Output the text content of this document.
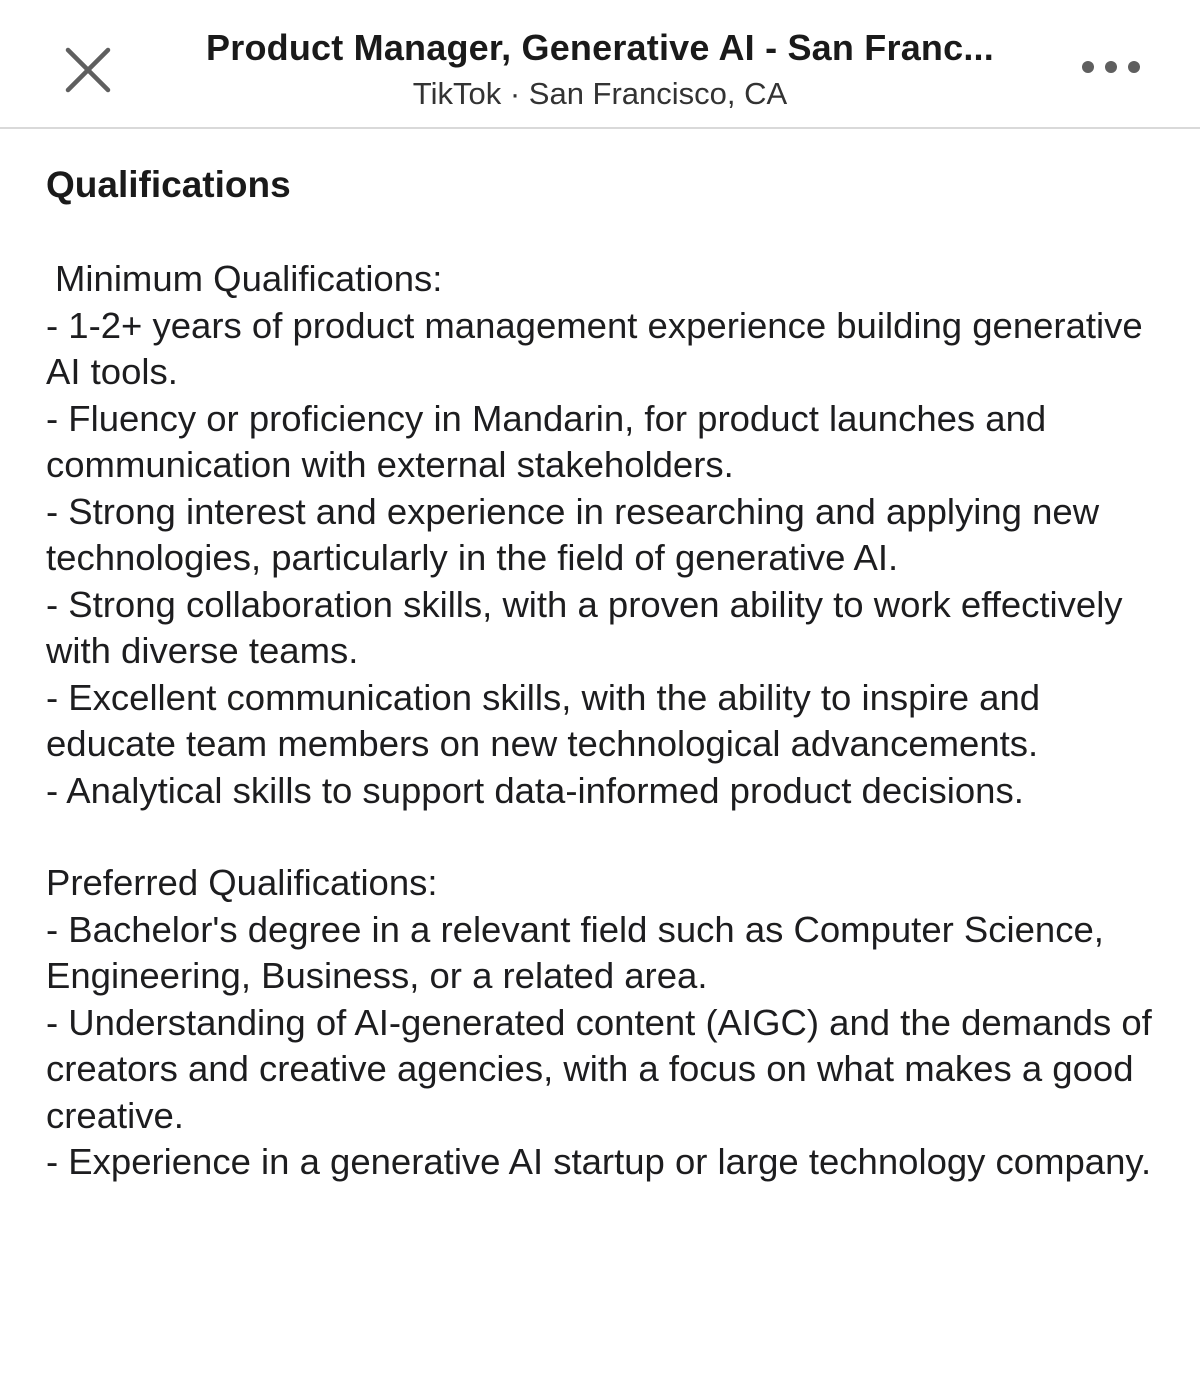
Product Manager, Generative AI - San Franc...
TikTok · San Francisco, CA
Qualifications
Minimum Qualifications:
- 1-2+ years of product management experience building generative AI tools.
- Fluency or proficiency in Mandarin, for product launches and communication with external stakeholders.
- Strong interest and experience in researching and applying new technologies, particularly in the field of generative AI.
- Strong collaboration skills, with a proven ability to work effectively with diverse teams.
- Excellent communication skills, with the ability to inspire and educate team members on new technological advancements.
- Analytical skills to support data-informed product decisions.
Preferred Qualifications:
- Bachelor's degree in a relevant field such as Computer Science, Engineering, Business, or a related area.
- Understanding of AI-generated content (AIGC) and the demands of creators and creative agencies, with a focus on what makes a good creative.
- Experience in a generative AI startup or large technology company.
